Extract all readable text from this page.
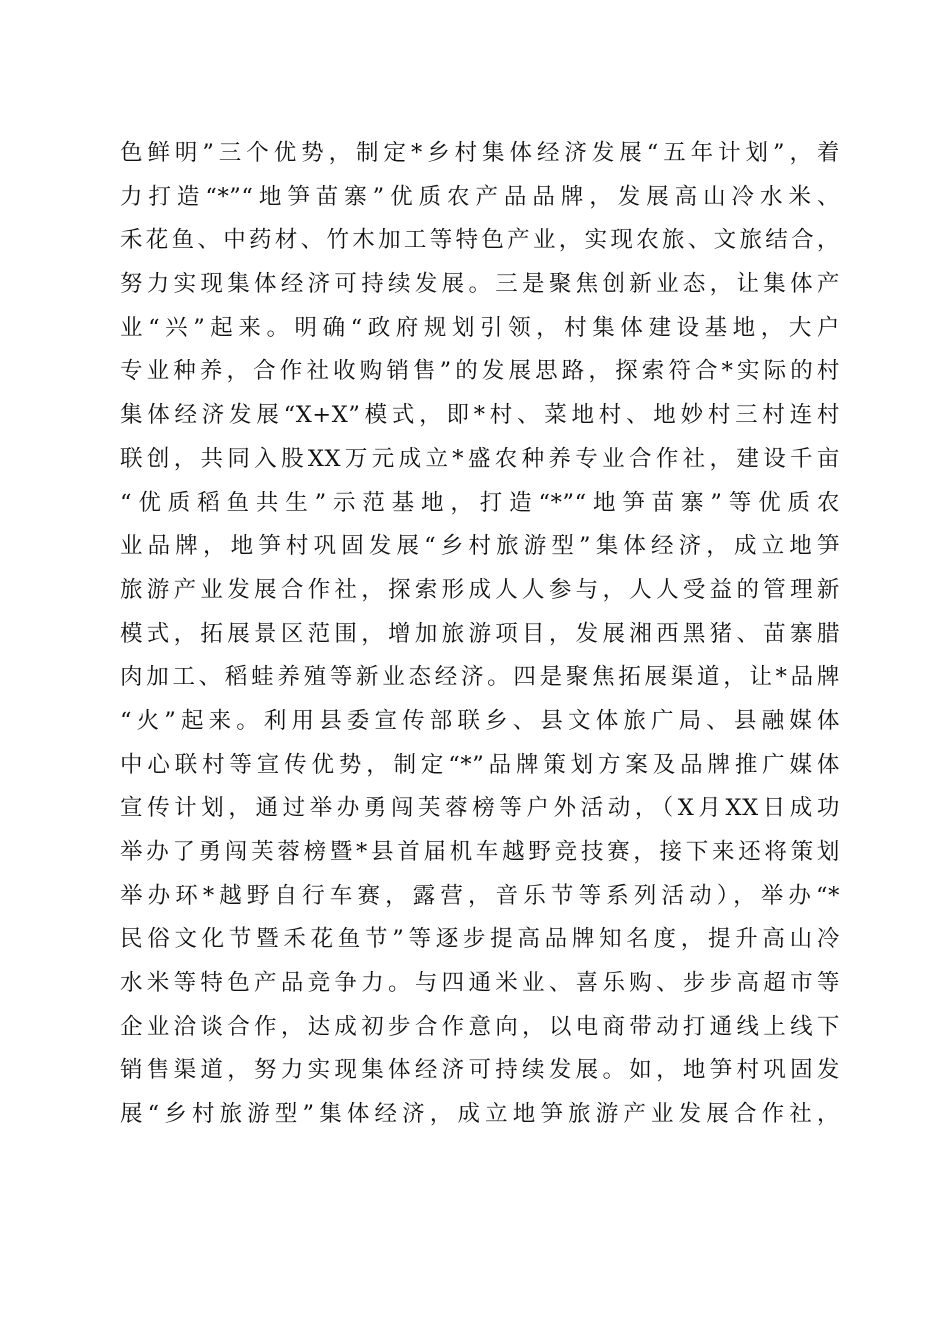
色鲜明”三个优势，制定*乡村集体经济发展“五年计划”，着
力打造“*”“地笋苗寨”优质农产品品牌，发展高山冷水米、
禾花鱼、中药材、竹木加工等特色产业，实现农旅、文旅结合，
努力实现集体经济可持续发展。三是聚焦创新业态，让集体产
业“兴”起来。明确“政府规划引领，村集体建设基地，大户
专业种养，合作社收购销售”的发展思路，探索符合*实际的村
集体经济发展“X+X”模式，即*村、菜地村、地妙村三村连村
联创，共同入股XX万元成立*盛农种养专业合作社，建设千亩
“优质稻鱼共生”示范基地，打造“*”“地笋苗寨”等优质农
业品牌，地笋村巩固发展“乡村旅游型”集体经济，成立地笋
旅游产业发展合作社，探索形成人人参与，人人受益的管理新
模式，拓展景区范围，增加旅游项目，发展湘西黑猪、苗寨腊
肉加工、稻蛙养殖等新业态经济。四是聚焦拓展渠道，让*品牌
“火”起来。利用县委宣传部联乡、县文体旅广局、县融媒体
中心联村等宣传优势，制定“*”品牌策划方案及品牌推广媒体
宣传计划，通过举办勇闯芙蓉榜等户外活动，（X月XX日成功
举办了勇闯芙蓉榜暨*县首届机车越野竞技赛，接下来还将策划
举办环*越野自行车赛，露营，音乐节等系列活动），举办“*
民俗文化节暨禾花鱼节”等逐步提高品牌知名度，提升高山冷
水米等特色产品竞争力。与四通米业、喜乐购、步步高超市等
企业洽谈合作，达成初步合作意向，以电商带动打通线上线下
销售渠道，努力实现集体经济可持续发展。如，地笋村巩固发
展“乡村旅游型”集体经济，成立地笋旅游产业发展合作社，
